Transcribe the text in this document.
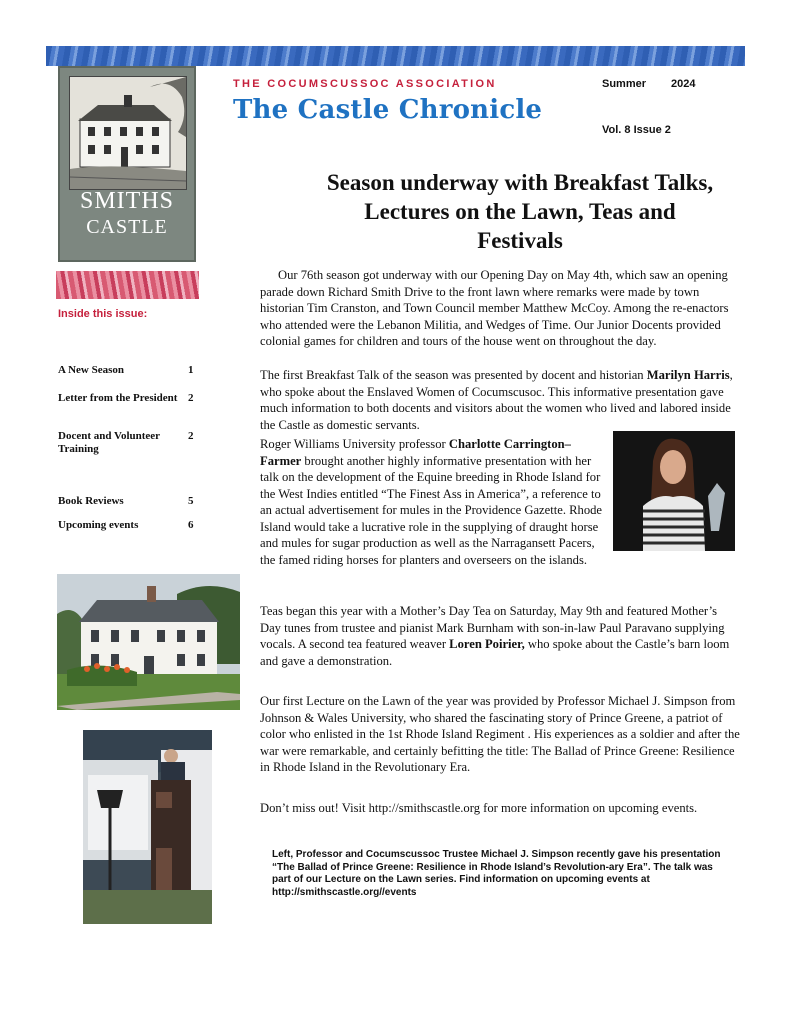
SMITHS
CASTLE
THE COCUMSCUSSOC ASSOCIATION
The Castle Chronicle
Summer 2024
Vol. 8 Issue 2
Season underway with Breakfast Talks, Lectures on the Lawn, Teas and Festivals
Inside this issue:
A New Season	1
Letter from the President 2
Docent and Volunteer Training
2
Book Reviews	5
Upcoming events	6
Our 76th season got underway with our Opening Day on May 4th, which saw an opening parade down Richard Smith Drive to the front lawn where remarks were made by town historian Tim Cranston, and Town Council member Matthew McCoy. Among the re-enactors who attended were the Lebanon Militia, and Wedges of Time. Our Junior Docents provided colonial games for children and tours of the house went on throughout the day.
The first Breakfast Talk of the season was presented by docent and historian Marilyn Harris, who spoke about the Enslaved Women of Cocumscusoc. This informative presentation gave much information to both docents and visitors about the women who lived and labored inside the Castle as domestic servants.
Roger Williams University professor Charlotte Carrington–Farmer brought another highly informative presentation with her talk on the development of the Equine breeding in Rhode Island for the West Indies entitled “The Finest Ass in America”, a reference to an actual advertisement for mules in the Providence Gazette. Rhode Island would take a lucrative role in the supplying of draught horse and mules for sugar production as well as the Narragansett Pacers, the famed riding horses for planters and overseers on the islands.
Teas began this year with a Mother’s Day Tea on Saturday, May 9th and featured Mother’s Day tunes from trustee and pianist Mark Burnham with son-in-law Paul Paravano supplying vocals. A second tea featured weaver Loren Poirier, who spoke about the Castle’s barn loom and gave a demonstration.
Our first Lecture on the Lawn of the year was provided by Professor Michael J. Simpson from Johnson & Wales University, who shared the fascinating story of Prince Greene, a patriot of color who enlisted in the 1st Rhode Island Regiment . His experiences as a soldier and after the war were remarkable, and certainly befitting the title: The Ballad of Prince Greene: Resilience in Rhode Island in the Revolutionary Era.
Don’t miss out! Visit http://smithscastle.org for more information on upcoming events.
Left, Professor and Cocumscussoc Trustee Michael J. Simpson recently gave his presentation “The Ballad of Prince Greene: Resilience in Rhode Island’s Revolution-ary Era”. The talk was part of our Lecture on the Lawn series. Find information on upcoming events at http://smithscastle.org//events
